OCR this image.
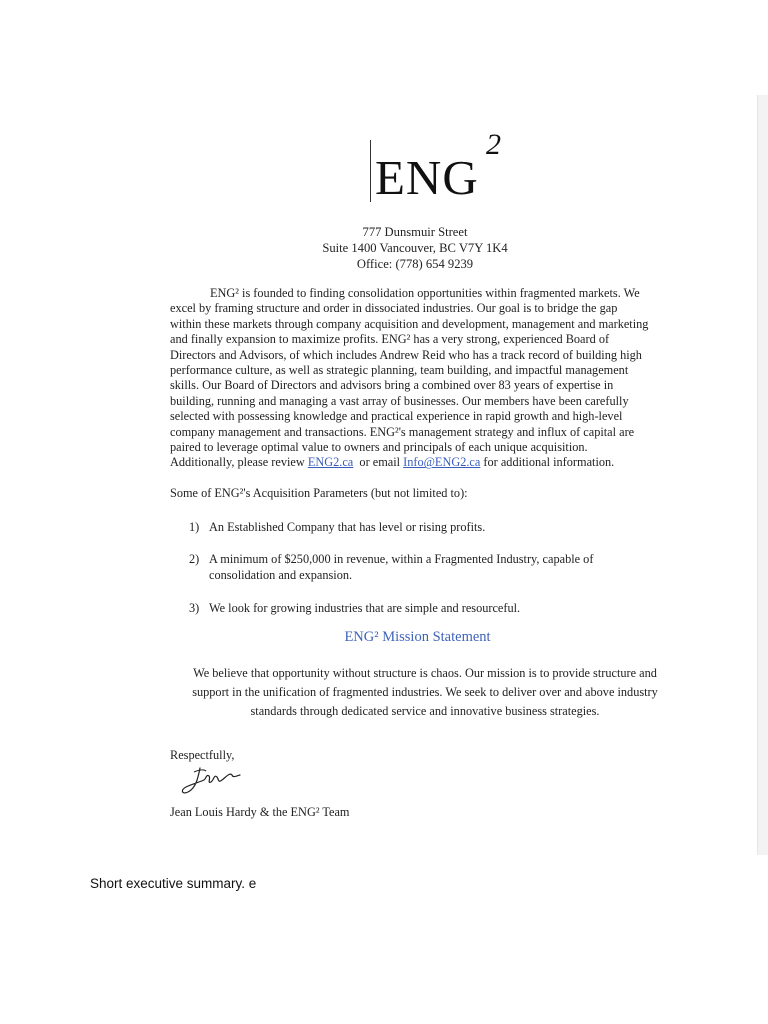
ENG
2
777 Dunsmuir Street
Suite 1400 Vancouver, BC V7Y 1K4
Office: (778) 654 9239
ENG² is founded to finding consolidation opportunities within fragmented markets. We
excel by framing structure and order in dissociated industries. Our goal is to bridge the gap
within these markets through company acquisition and development, management and marketing
and finally expansion to maximize profits. ENG² has a very strong, experienced Board of
Directors and Advisors, of which includes Andrew Reid who has a track record of building high
performance culture, as well as strategic planning, team building, and impactful management
skills. Our Board of Directors and advisors bring a combined over 83 years of expertise in
building, running and managing a vast array of businesses. Our members have been carefully
selected with possessing knowledge and practical experience in rapid growth and high-level
company management and transactions. ENG²'s management strategy and influx of capital are
paired to leverage optimal value to owners and principals of each unique acquisition.
Additionally, please review ENG2.ca  or email Info@ENG2.ca for additional information.
Some of ENG²'s Acquisition Parameters (but not limited to):
1) An Established Company that has level or rising profits.
2) A minimum of $250,000 in revenue, within a Fragmented Industry, capable of
consolidation and expansion.
3) We look for growing industries that are simple and resourceful.
ENG² Mission Statement
We believe that opportunity without structure is chaos. Our mission is to provide structure and
support in the unification of fragmented industries. We seek to deliver over and above industry
standards through dedicated service and innovative business strategies.
Respectfully,
Jean Louis Hardy & the ENG² Team
Short executive summary. e
